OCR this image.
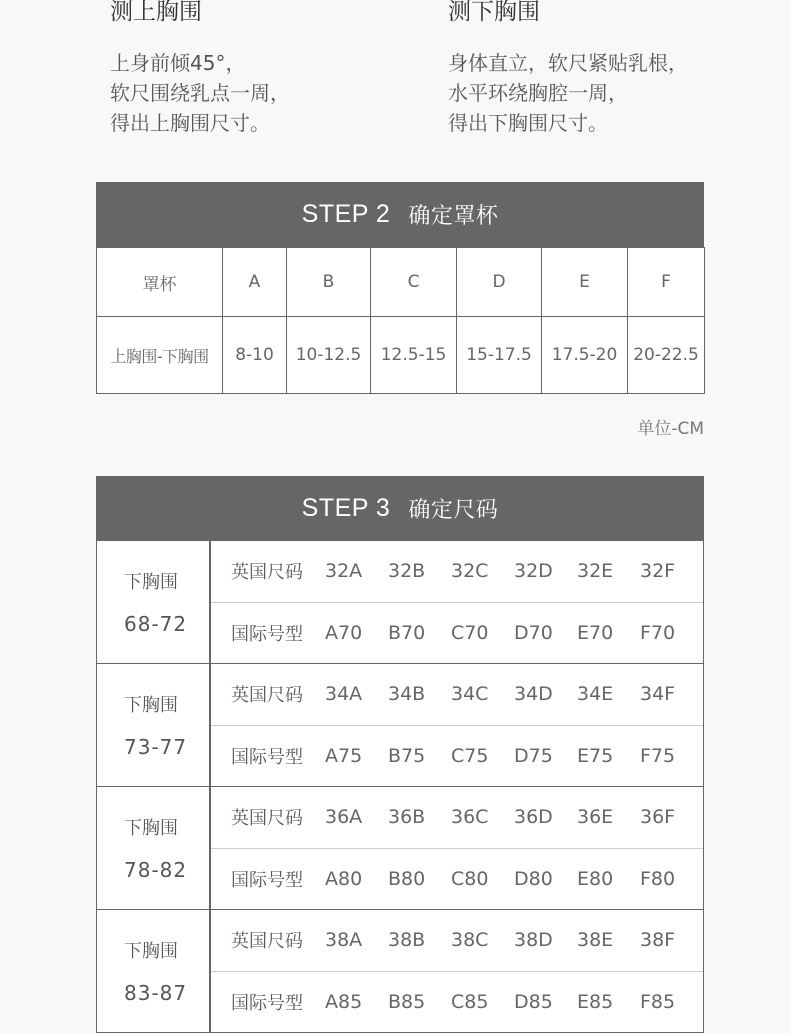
测上胸围

上身前倾45°，
软尺围绕乳点一周，
得出上胸围尺寸。

测下胸围

身体直立，软尺紧贴乳根，
水平环绕胸腔一周，
得出下胸围尺寸。

STEP 2 确定罩杯
罩杯	A	B	C	D	E	F
上胸围-下胸围	8-10	10-12.5	12.5-15	15-17.5	17.5-20	20-22.5
单位-CM
STEP 3 确定尺码
下胸围
68-72
英国尺码	32A	32B	32C	32D	32E	32F
国际号型	A70	B70	C70	D70	E70	F70
下胸围
73-77
英国尺码	34A	34B	34C	34D	34E	34F
国际号型	A75	B75	C75	D75	E75	F75
下胸围
78-82
英国尺码	36A	36B	36C	36D	36E	36F
国际号型	A80	B80	C80	D80	E80	F80
下胸围
83-87
英国尺码	38A	38B	38C	38D	38E	38F
国际号型	A85	B85	C85	D85	E85	F85
